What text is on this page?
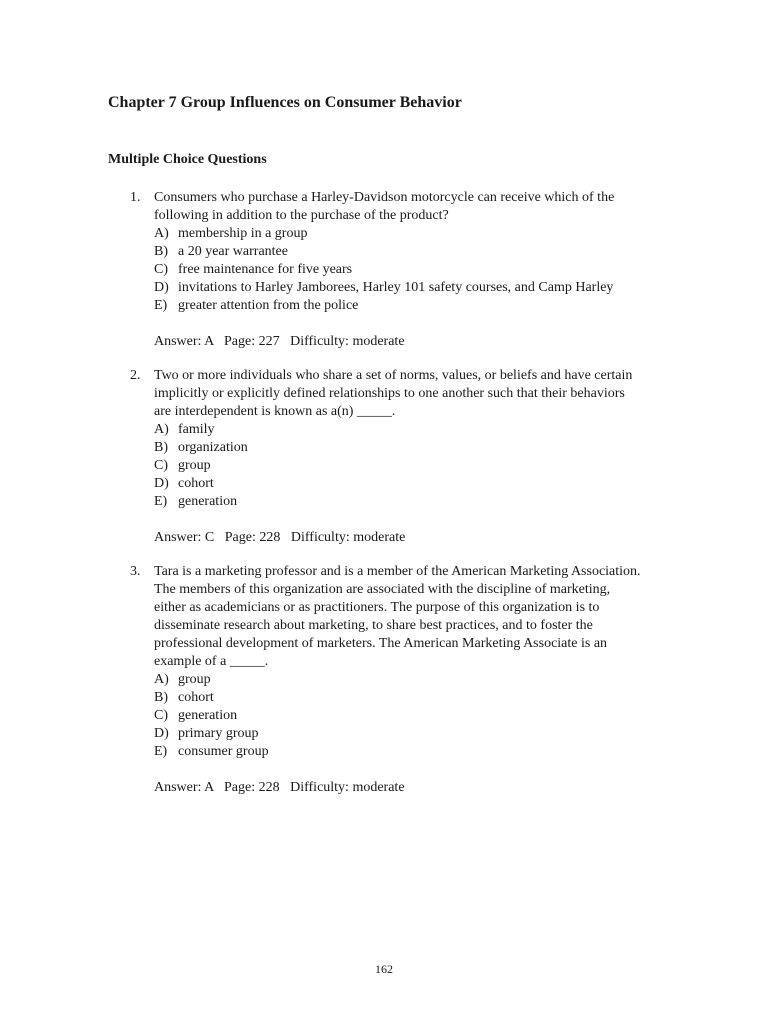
Chapter 7 Group Influences on Consumer Behavior
Multiple Choice Questions
1. Consumers who purchase a Harley-Davidson motorcycle can receive which of the
following in addition to the purchase of the product?
A) membership in a group
B) a 20 year warrantee
C) free maintenance for five years
D) invitations to Harley Jamborees, Harley 101 safety courses, and Camp Harley
E) greater attention from the police
Answer: A   Page: 227   Difficulty: moderate
2. Two or more individuals who share a set of norms, values, or beliefs and have certain
implicitly or explicitly defined relationships to one another such that their behaviors
are interdependent is known as a(n) _____.
A) family
B) organization
C) group
D) cohort
E) generation
Answer: C   Page: 228   Difficulty: moderate
3. Tara is a marketing professor and is a member of the American Marketing Association.
The members of this organization are associated with the discipline of marketing,
either as academicians or as practitioners. The purpose of this organization is to
disseminate research about marketing, to share best practices, and to foster the
professional development of marketers. The American Marketing Associate is an
example of a _____.
A) group
B) cohort
C) generation
D) primary group
E) consumer group
Answer: A   Page: 228   Difficulty: moderate
162
